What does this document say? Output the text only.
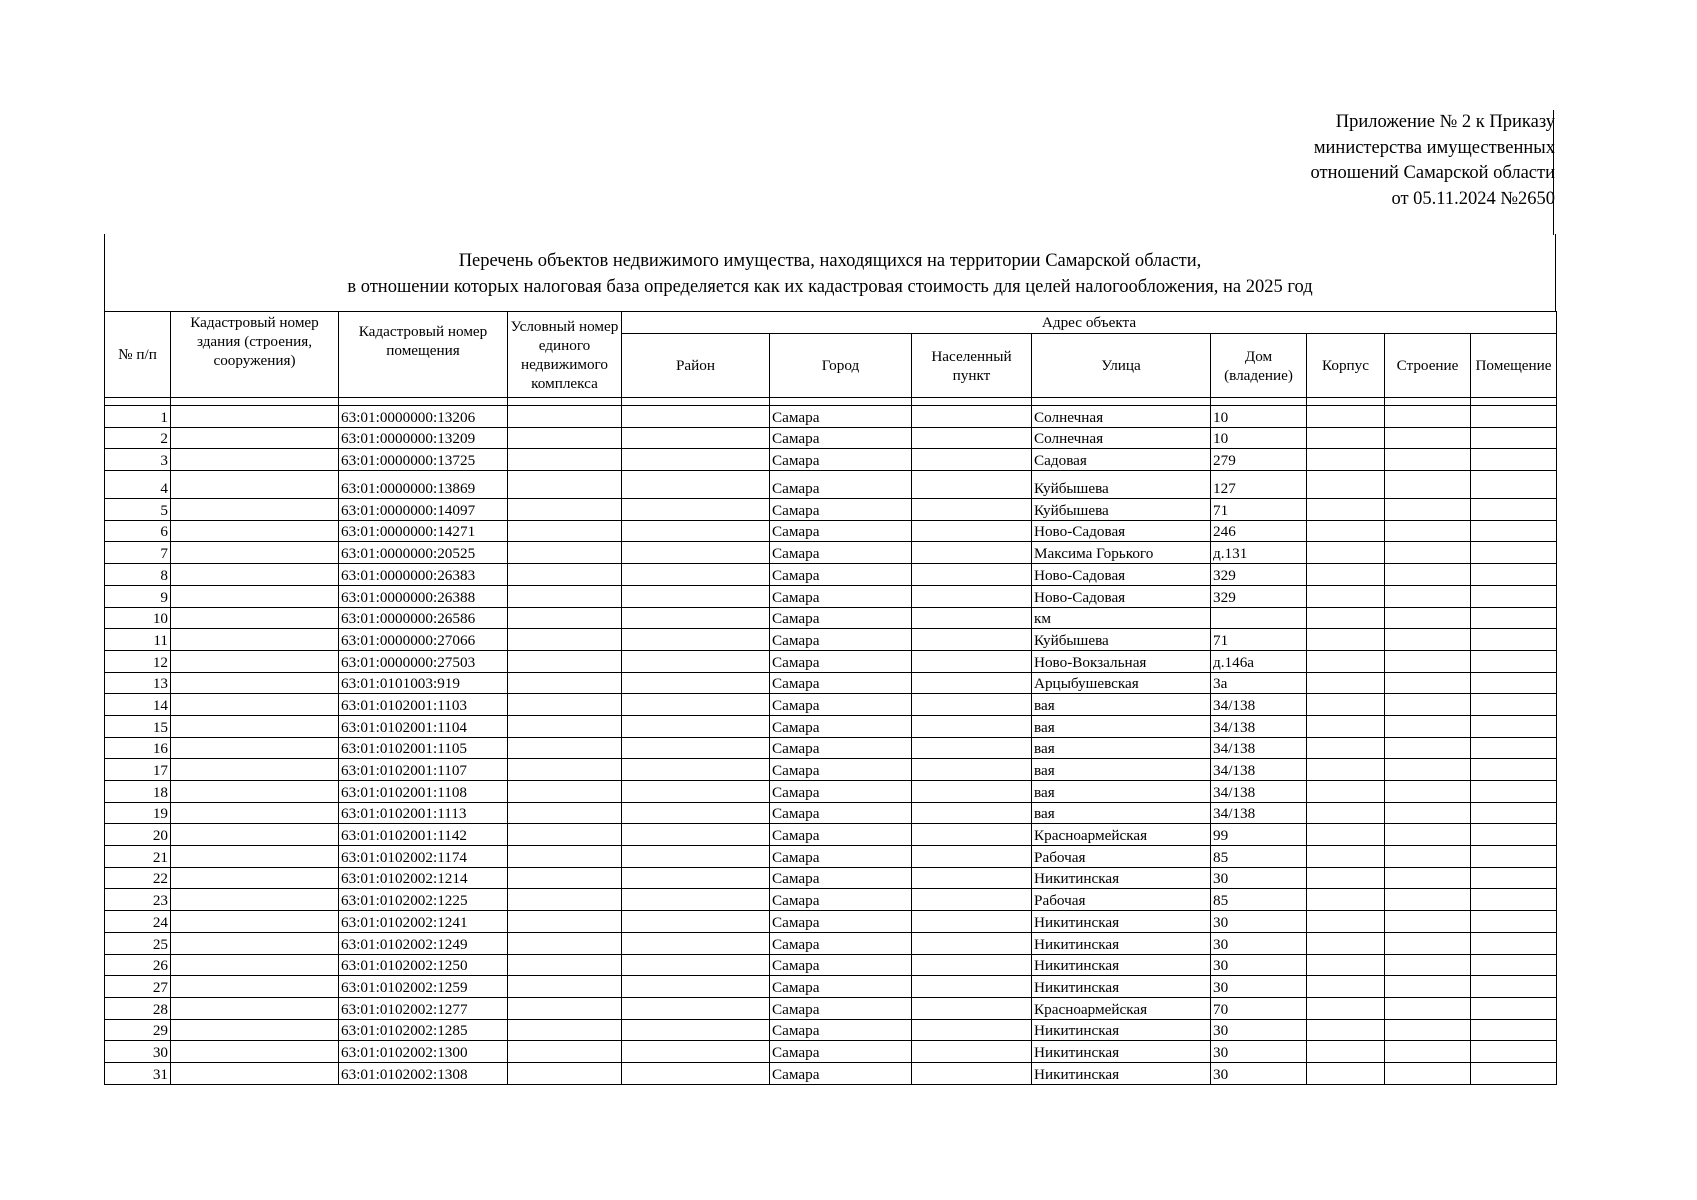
Приложение № 2 к Приказу
министерства имущественных
отношений Самарской области
от 05.11.2024 №2650
Перечень объектов недвижимого имущества, находящихся на территории Самарской области,
в отношении которых налоговая база определяется как их кадастровая стоимость для целей налогообложения, на 2025 год
№ п/п	Кадастровый номер здания (строения, сооружения)	Кадастровый номер помещения	Условный номер единого недвижимого комплекса	Адрес объекта							
				Район	Город	Населенный пункт	Улица	Дом (владение)	Корпус	Строение	Помещение

1		63:01:0000000:13206			Самара		Солнечная	10			
2		63:01:0000000:13209			Самара		Солнечная	10			
3		63:01:0000000:13725			Самара		Садовая	279			
4		63:01:0000000:13869			Самара		Куйбышева	127			
5		63:01:0000000:14097			Самара		Куйбышева	71			
6		63:01:0000000:14271			Самара		Ново-Садовая	246			
7		63:01:0000000:20525			Самара		Максима Горького	д.131			
8		63:01:0000000:26383			Самара		Ново-Садовая	329			
9		63:01:0000000:26388			Самара		Ново-Садовая	329			
10		63:01:0000000:26586			Самара		км				
11		63:01:0000000:27066			Самара		Куйбышева	71			
12		63:01:0000000:27503			Самара		Ново-Вокзальная	д.146а			
13		63:01:0101003:919			Самара		Арцыбушевская	3а			
14		63:01:0102001:1103			Самара		вая	34/138			
15		63:01:0102001:1104			Самара		вая	34/138			
16		63:01:0102001:1105			Самара		вая	34/138			
17		63:01:0102001:1107			Самара		вая	34/138			
18		63:01:0102001:1108			Самара		вая	34/138			
19		63:01:0102001:1113			Самара		вая	34/138			
20		63:01:0102001:1142			Самара		Красноармейская	99			
21		63:01:0102002:1174			Самара		Рабочая	85			
22		63:01:0102002:1214			Самара		Никитинская	30			
23		63:01:0102002:1225			Самара		Рабочая	85			
24		63:01:0102002:1241			Самара		Никитинская	30			
25		63:01:0102002:1249			Самара		Никитинская	30			
26		63:01:0102002:1250			Самара		Никитинская	30			
27		63:01:0102002:1259			Самара		Никитинская	30			
28		63:01:0102002:1277			Самара		Красноармейская	70			
29		63:01:0102002:1285			Самара		Никитинская	30			
30		63:01:0102002:1300			Самара		Никитинская	30			
31		63:01:0102002:1308			Самара		Никитинская	30			
